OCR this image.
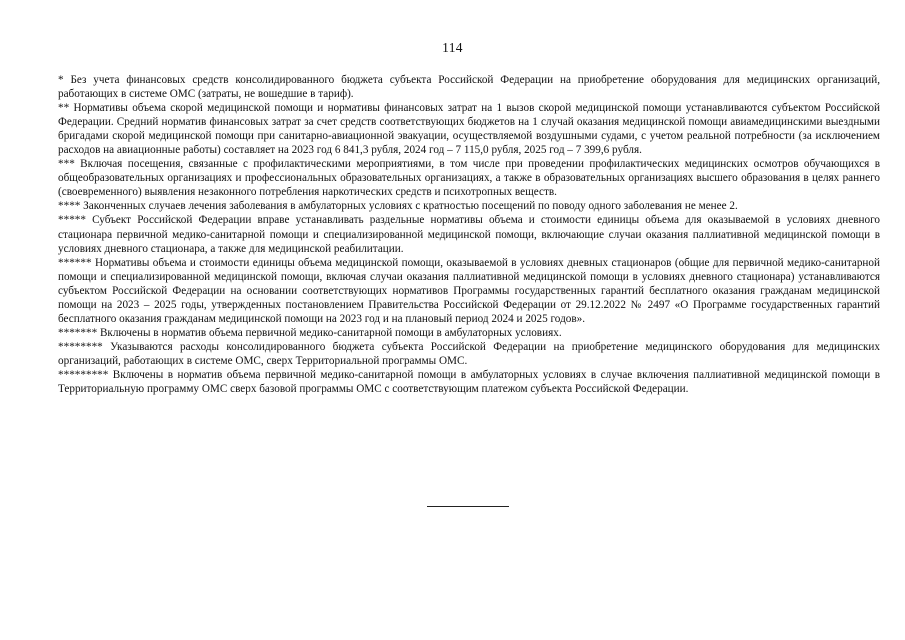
114

* Без учета финансовых средств консолидированного бюджета субъекта Российской Федерации на приобретение оборудования для медицинских организаций, работающих в системе ОМС (затраты, не вошедшие в тариф).

** Нормативы объема скорой медицинской помощи и нормативы финансовых затрат на 1 вызов скорой медицинской помощи устанавливаются субъектом Российской Федерации. Средний норматив финансовых затрат за счет средств соответствующих бюджетов на 1 случай оказания медицинской помощи авиамедицинскими выездными бригадами скорой медицинской помощи при санитарно-авиационной эвакуации, осуществляемой воздушными судами, с учетом реальной потребности (за исключением расходов на авиационные работы) составляет на 2023 год 6 841,3 рубля, 2024 год – 7 115,0 рубля, 2025 год – 7 399,6 рубля.

*** Включая посещения, связанные с профилактическими мероприятиями, в том числе при проведении профилактических медицинских осмотров обучающихся в общеобразовательных организациях и профессиональных образовательных организациях, а также в образовательных организациях высшего образования в целях раннего (своевременного) выявления незаконного потребления наркотических средств и психотропных веществ.

**** Законченных случаев лечения заболевания в амбулаторных условиях с кратностью посещений по поводу одного заболевания не менее 2.

***** Субъект Российской Федерации вправе устанавливать раздельные нормативы объема и стоимости единицы объема для оказываемой в условиях дневного стационара первичной медико-санитарной помощи и специализированной медицинской помощи, включающие случаи оказания паллиативной медицинской помощи в условиях дневного стационара, а также для медицинской реабилитации.

****** Нормативы объема и стоимости единицы объема медицинской помощи, оказываемой в условиях дневных стационаров (общие для первичной медико-санитарной помощи и специализированной медицинской помощи, включая случаи оказания паллиативной медицинской помощи в условиях дневного стационара) устанавливаются субъектом Российской Федерации на основании соответствующих нормативов Программы государственных гарантий бесплатного оказания гражданам медицинской помощи на 2023 – 2025 годы, утвержденных постановлением Правительства Российской Федерации от 29.12.2022 № 2497 «О Программе государственных гарантий бесплатного оказания гражданам медицинской помощи на 2023 год и на плановый период 2024 и 2025 годов».

******* Включены в норматив объема первичной медико-санитарной помощи в амбулаторных условиях.

******** Указываются расходы консолидированного бюджета субъекта Российской Федерации на приобретение медицинского оборудования для медицинских организаций, работающих в системе ОМС, сверх Территориальной программы ОМС.

********* Включены в норматив объема первичной медико-санитарной помощи в амбулаторных условиях в случае включения паллиативной медицинской помощи в Территориальную программу ОМС сверх базовой программы ОМС с соответствующим платежом субъекта Российской Федерации.
